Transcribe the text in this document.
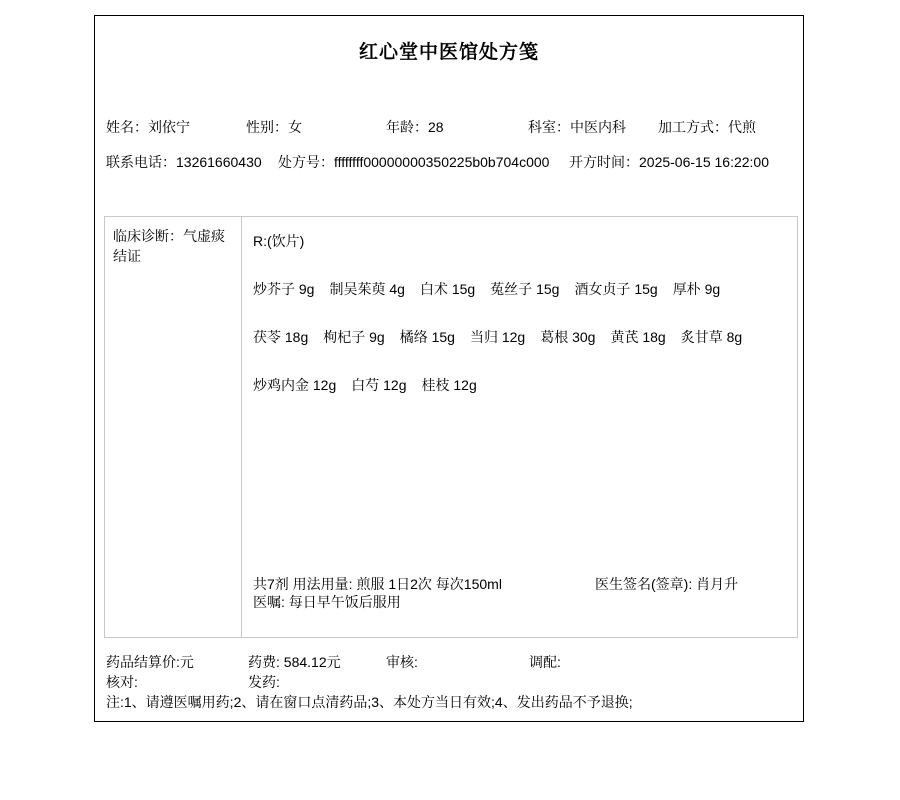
红心堂中医馆处方笺
姓名：刘依宁	性别：女	年龄：28	科室：中医内科 加工方式：代煎
联系电话：13261660430 处方号：ffffffff00000000350225b0b704c000 开方时间：2025-06-15 16:22:00
临床诊断：气虚痰结证
R:(饮片)
炒芥子 9g 制吴茱萸 4g 白术 15g 菟丝子 15g 酒女贞子 15g 厚朴 9g茯苓 18g 枸杞子 9g 橘络 15g 当归 12g 葛根 30g 黄芪 18g 炙甘草 8g炒鸡内金 12g 白芍 12g 桂枝 12g
共7剂 用法用量: 煎服 1日2次 每次150ml	医生签名(签章): 肖月升
医嘱: 每日早午饭后服用
药品结算价:元	药费: 584.12元	审核:	调配:
核对:	发药:
注:1、请遵医嘱用药;2、请在窗口点清药品;3、本处方当日有效;4、发出药品不予退换;
